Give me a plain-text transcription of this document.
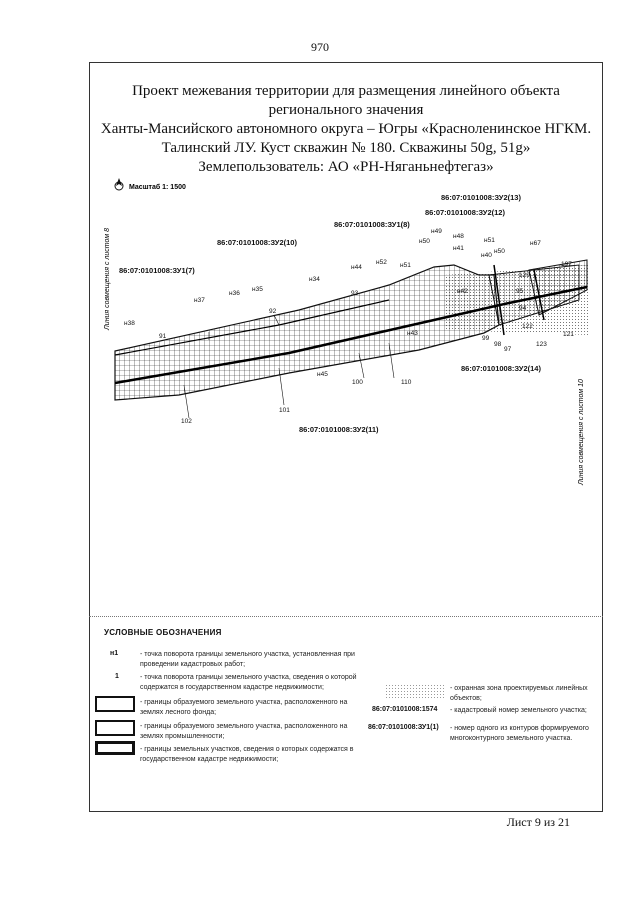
970
Проект межевания территории для размещения линейного объекта
регионального значения
Ханты-Мансийского автономного округа – Югры «Красноленинское НГКМ.
Талинский ЛУ. Куст скважин № 180. Скважины 50g, 51g»
Землепользователь: АО «РН-Няганьнефтегаз»
Масштаб 1: 1500
Линия совмещения с листом 8
Линия совмещения с листом 10
86:07:0101008:ЗУ2(13)
86:07:0101008:ЗУ2(12)
86:07:0101008:ЗУ1(8)
86:07:0101008:ЗУ2(10)
86:07:0101008:ЗУ1(7)
86:07:0101008:ЗУ2(14)
86:07:0101008:ЗУ2(11)
н38
91
н37
н36
н35
92
н34
93
н44
н52 н51
н50
н49
н48
н41
н51
н40
н50
н67
129
95
94
122
121
123
197
99
98
97
н42
н43
н45
100	110
101
102
УСЛОВНЫЕ ОБОЗНАЧЕНИЯ
н1	- точка поворота границы земельного участка, установленная при проведении кадастровых работ;
1	- точка поворота границы земельного участка, сведения о которой содержатся в государственном кадастре недвижимости;
- границы образуемого земельного участка, расположенного на землях лесного фонда;
- границы образуемого земельного участка, расположенного на землях промышленности;
- границы земельных участков, сведения о которых содержатся в государственном кадастре недвижимости;
- охранная зона проектируемых линейных объектов;
86:07:0101008:1574 - кадастровый номер земельного участка;
86:07:0101008:ЗУ1(1) - номер одного из контуров формируемого многоконтурного земельного участка.
Лист 9 из 21
